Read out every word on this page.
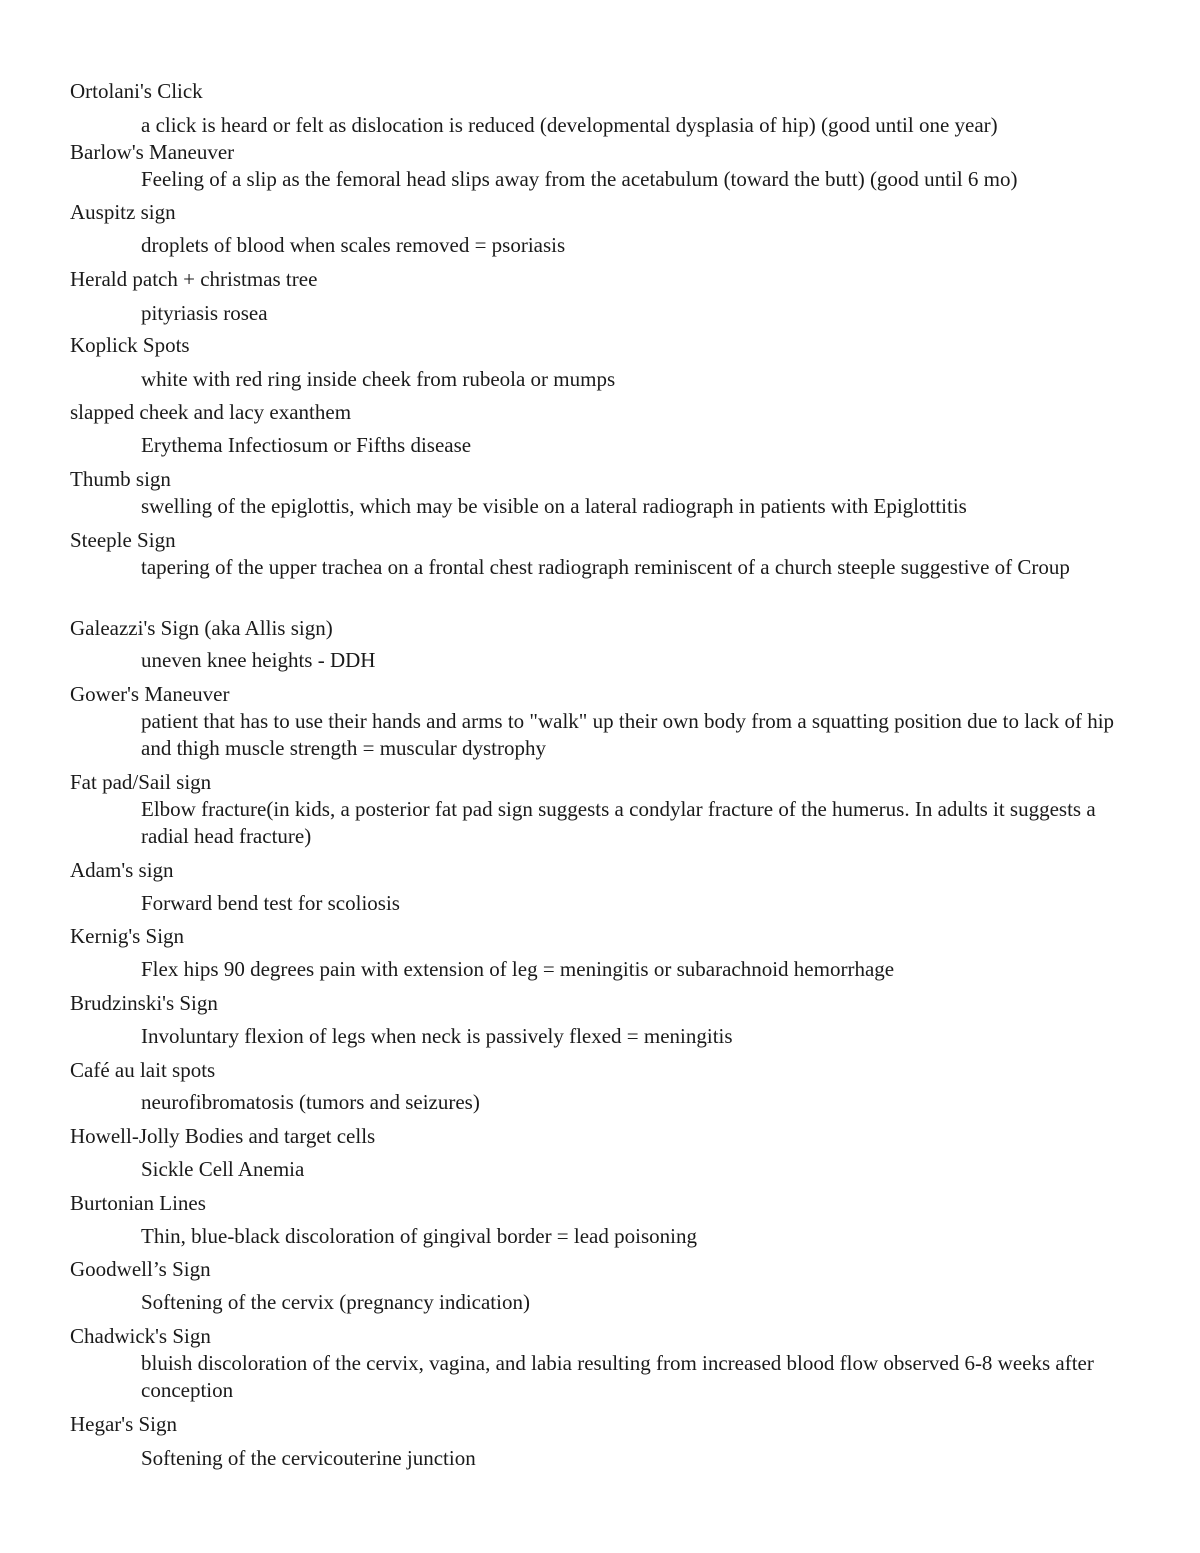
Ortolani's Click
a click is heard or felt as dislocation is reduced (developmental dysplasia of hip) (good until one year)
Barlow's Maneuver
Feeling of a slip as the femoral head slips away from the acetabulum (toward the butt) (good until 6 mo)
Auspitz sign
droplets of blood when scales removed = psoriasis
Herald patch + christmas tree
pityriasis rosea
Koplick Spots
white with red ring inside cheek from rubeola or mumps
slapped cheek and lacy exanthem
Erythema Infectiosum or Fifths disease
Thumb sign
swelling of the epiglottis, which may be visible on a lateral radiograph in patients with Epiglottitis
Steeple Sign
tapering of the upper trachea on a frontal chest radiograph reminiscent of a church steeple suggestive of Croup
Galeazzi's Sign (aka Allis sign)
uneven knee heights - DDH
Gower's Maneuver
patient that has to use their hands and arms to "walk" up their own body from a squatting position due to lack of hip and thigh muscle strength = muscular dystrophy
Fat pad/Sail sign
Elbow fracture(in kids, a posterior fat pad sign suggests a condylar fracture of the humerus. In adults it suggests a radial head fracture)
Adam's sign
Forward bend test for scoliosis
Kernig's Sign
Flex hips 90 degrees pain with extension of leg = meningitis or subarachnoid hemorrhage
Brudzinski's Sign
Involuntary flexion of legs when neck is passively flexed = meningitis
Café au lait spots
neurofibromatosis (tumors and seizures)
Howell-Jolly Bodies and target cells
Sickle Cell Anemia
Burtonian Lines
Thin, blue-black discoloration of gingival border = lead poisoning
Goodwell’s Sign
Softening of the cervix (pregnancy indication)
Chadwick's Sign
bluish discoloration of the cervix, vagina, and labia resulting from increased blood flow observed 6-8 weeks after conception
Hegar's Sign
Softening of the cervicouterine junction
